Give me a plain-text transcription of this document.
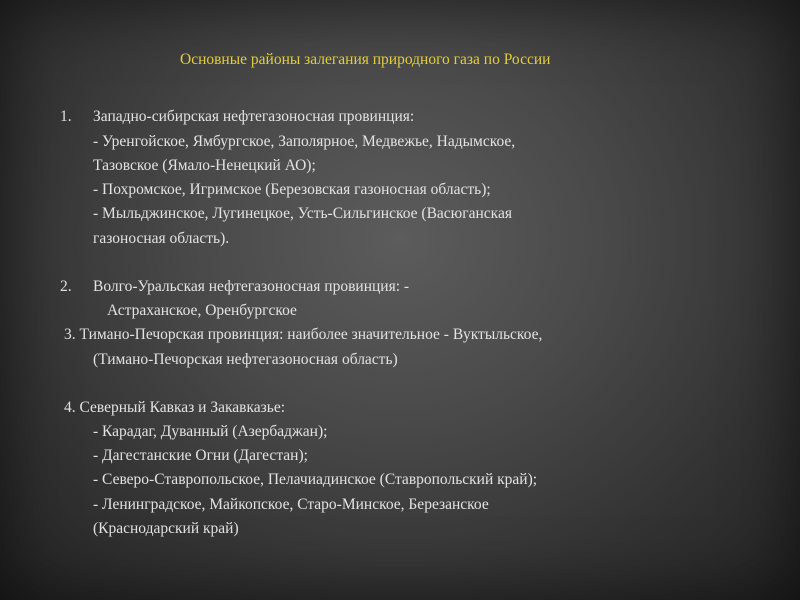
Основные районы залегания природного газа по России
1. Западно-сибирская нефтегазоносная провинция:
- Уренгойское, Ямбургское, Заполярное, Медвежье, Надымское,
Тазовское (Ямало-Ненецкий АО);
- Похромское, Игримское (Березовская газоносная область);
- Мыльджинское, Лугинецкое, Усть-Сильгинское (Васюганская
газоносная область).
2. Волго-Уральская нефтегазоносная провинция: -
Астраханское, Оренбургское
3. Тимано-Печорская провинция: наиболее значительное - Вуктыльское,
(Тимано-Печорская нефтегазоносная область)
4. Северный Кавказ и Закавказье:
- Карадаг, Дуванный (Азербаджан);
- Дагестанские Огни (Дагестан);
- Северо-Ставропольское, Пелачиадинское (Ставропольский край);
- Ленинградское, Майкопское, Старо-Минское, Березанское
(Краснодарский край)
